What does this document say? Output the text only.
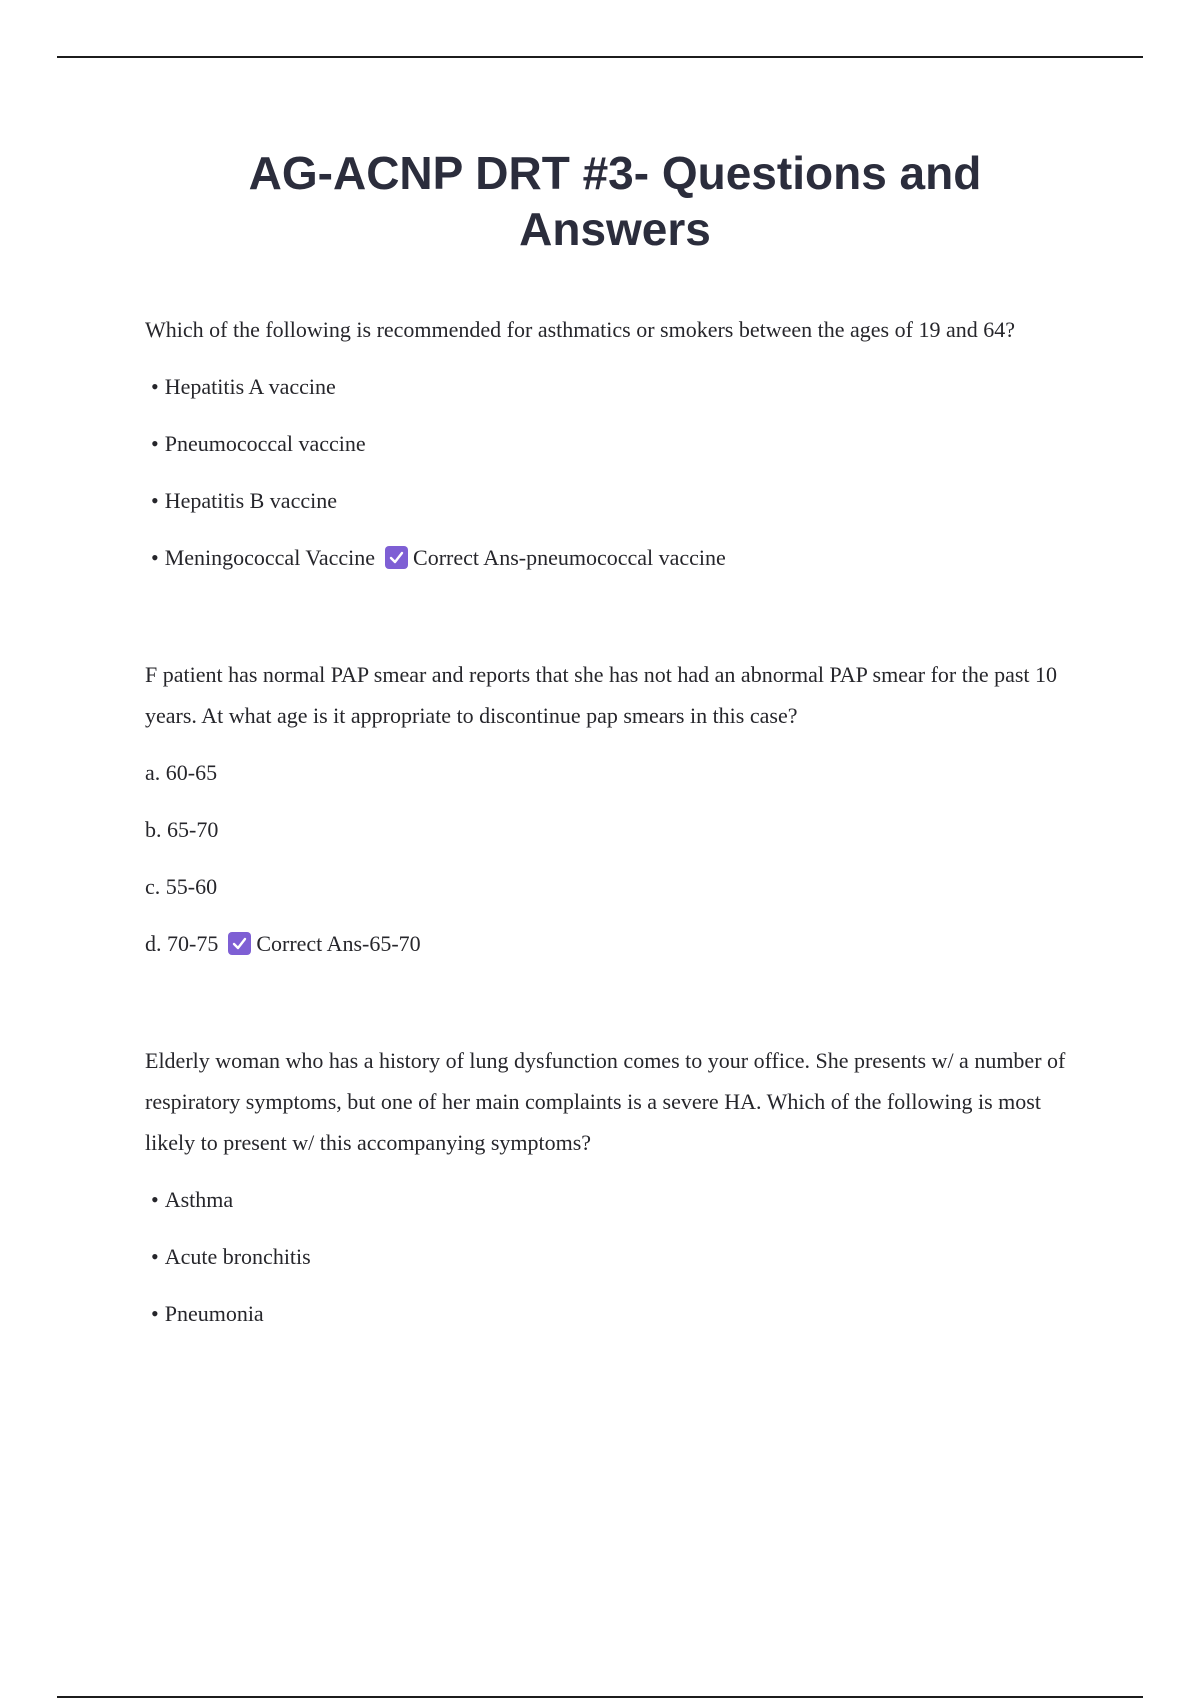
AG-ACNP DRT #3- Questions and Answers

Which of the following is recommended for asthmatics or smokers between the ages of 19 and 64?

• Hepatitis A vaccine
• Pneumococcal vaccine
• Hepatitis B vaccine
• Meningococcal Vaccine Correct Ans-pneumococcal vaccine

F patient has normal PAP smear and reports that she has not had an abnormal PAP smear for the past 10 years. At what age is it appropriate to discontinue pap smears in this case?

a. 60-65
b. 65-70
c. 55-60
d. 70-75 Correct Ans-65-70

Elderly woman who has a history of lung dysfunction comes to your office. She presents w/ a number of respiratory symptoms, but one of her main complaints is a severe HA. Which of the following is most likely to present w/ this accompanying symptoms?

• Asthma
• Acute bronchitis
• Pneumonia
